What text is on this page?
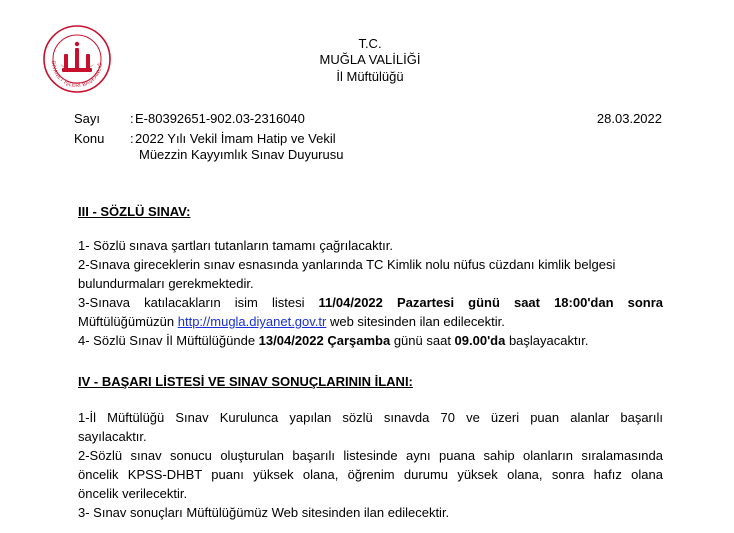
DİYANET İŞLERİ BAŞKANLIĞ
T.C.
MUĞLA VALİLİĞİ
İl Müftülüğü
Sayı : E-80392651-902.03-2316040	28.03.2022
Konu : 2022 Yılı Vekil İmam Hatip ve Vekil
Müezzin Kayyımlık Sınav Duyurusu
III - SÖZLÜ SINAV:
1- Sözlü sınava şartları tutanların tamamı çağrılacaktır.
2-Sınava gireceklerin sınav esnasında yanlarında TC Kimlik nolu nüfus cüzdanı kimlik belgesi
bulundurmaları gerekmektedir.
3-Sınava katılacakların isim listesi 11/04/2022 Pazartesi günü saat 18:00'dan sonra
Müftülüğümüzün http://mugla.diyanet.gov.tr web sitesinden ilan edilecektir.
4- Sözlü Sınav İl Müftülüğünde 13/04/2022 Çarşamba günü saat 09.00'da başlayacaktır.
IV - BAŞARI LİSTESİ VE SINAV SONUÇLARININ İLANI:
1-İl Müftülüğü Sınav Kurulunca yapılan sözlü sınavda 70 ve üzeri puan alanlar başarılı
sayılacaktır.
2-Sözlü sınav sonucu oluşturulan başarılı listesinde aynı puana sahip olanların sıralamasında
öncelik KPSS-DHBT puanı yüksek olana, öğrenim durumu yüksek olana, sonra hafız olana
öncelik verilecektir.
3- Sınav sonuçları Müftülüğümüz Web sitesinden ilan edilecektir.
